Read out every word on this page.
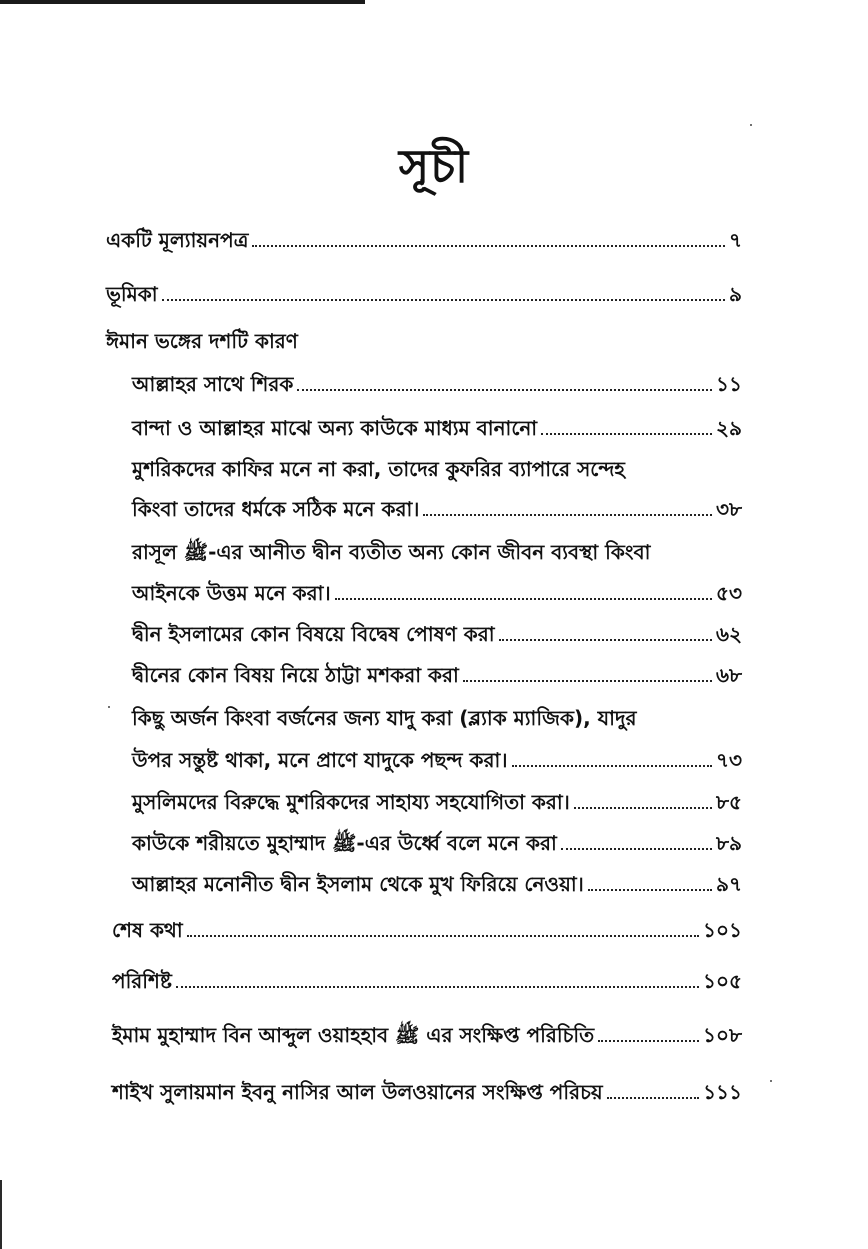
সূচী
একটি মূল্যায়নপত্র	৭
ভূমিকা	৯
ঈমান ভঙ্গের দশটি কারণ
আল্লাহর সাথে শিরক	১১
বান্দা ও আল্লাহর মাঝে অন্য কাউকে মাধ্যম বানানো	২৯
মুশরিকদের কাফির মনে না করা, তাদের কুফরির ব্যাপারে সন্দেহ
কিংবা তাদের ধর্মকে সঠিক মনে করা।	৩৮
রাসূল ﷺ-এর আনীত দ্বীন ব্যতীত অন্য কোন জীবন ব্যবস্থা কিংবা
আইনকে উত্তম মনে করা।	৫৩
দ্বীন ইসলামের কোন বিষয়ে বিদ্বেষ পোষণ করা	৬২
দ্বীনের কোন বিষয় নিয়ে ঠাট্টা মশকরা করা	৬৮
কিছু অর্জন কিংবা বর্জনের জন্য যাদু করা (ব্ল্যাক ম্যাজিক), যাদুর
উপর সন্তুষ্ট থাকা, মনে প্রাণে যাদুকে পছন্দ করা।	৭৩
মুসলিমদের বিরুদ্ধে মুশরিকদের সাহায্য সহযোগিতা করা।	৮৫
কাউকে শরীয়তে মুহাম্মাদ ﷺ-এর উর্ধ্বে বলে মনে করা	৮৯
আল্লাহর মনোনীত দ্বীন ইসলাম থেকে মুখ ফিরিয়ে নেওয়া।	৯৭
শেষ কথা	১০১
পরিশিষ্ট	১০৫
ইমাম মুহাম্মাদ বিন আব্দুল ওয়াহহাব ﷺ এর সংক্ষিপ্ত পরিচিতি	১০৮
শাইখ সুলায়মান ইবনু নাসির আল উলওয়ানের সংক্ষিপ্ত পরিচয়	১১১
